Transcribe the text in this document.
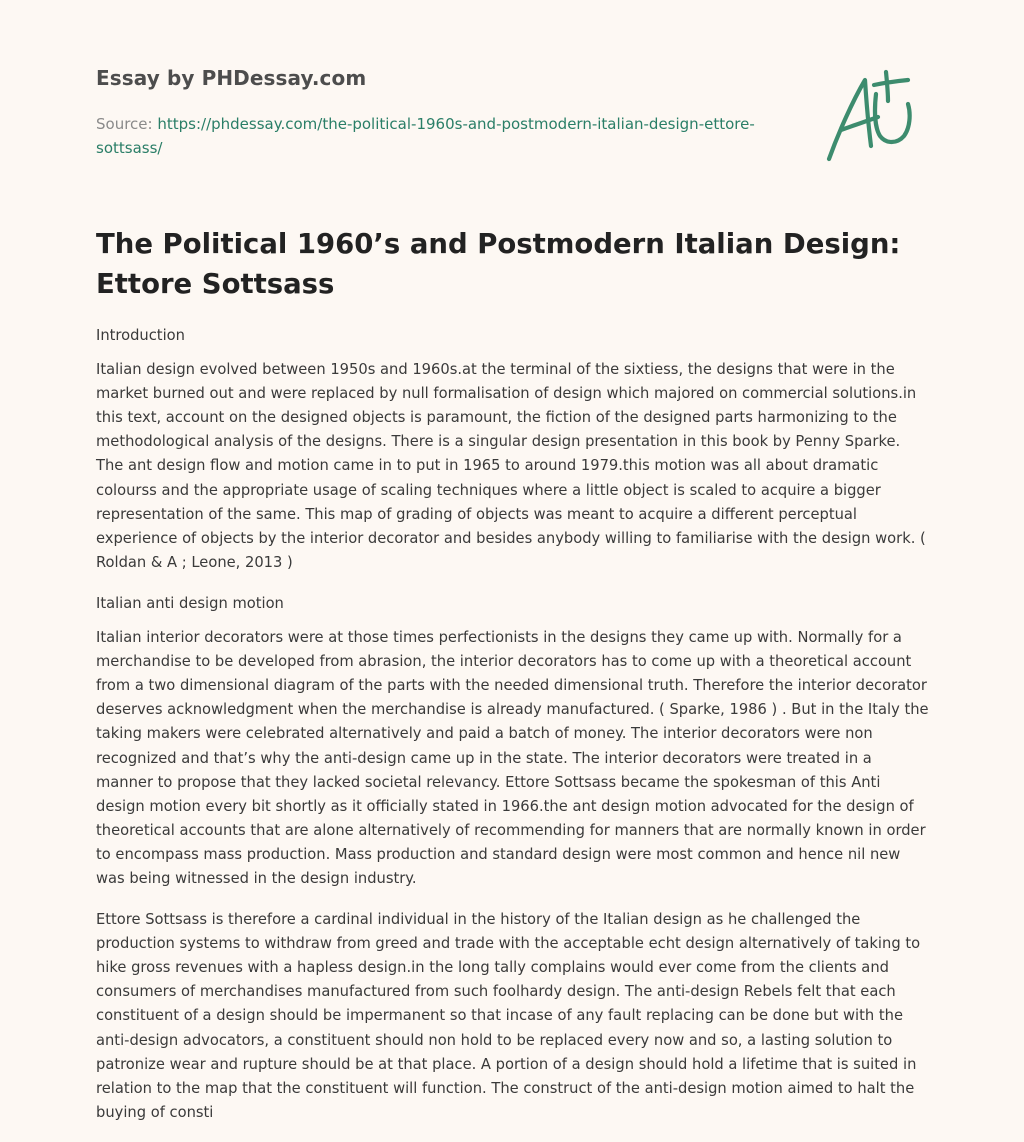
Essay by PHDessay.com
Source: https://phdessay.com/the-political-1960s-and-postmodern-italian-design-ettore-sottsass/
The Political 1960’s and Postmodern Italian Design: Ettore Sottsass

Introduction

Italian design evolved between 1950s and 1960s.at the terminal of the sixtiess, the designs that were in the market burned out and were replaced by null formalisation of design which majored on commercial solutions.in this text, account on the designed objects is paramount, the fiction of the designed parts harmonizing to the methodological analysis of the designs. There is a singular design presentation in this book by Penny Sparke. The ant design flow and motion came in to put in 1965 to around 1979.this motion was all about dramatic colourss and the appropriate usage of scaling techniques where a little object is scaled to acquire a bigger representation of the same. This map of grading of objects was meant to acquire a different perceptual experience of objects by the interior decorator and besides anybody willing to familiarise with the design work. ( Roldan & A ; Leone, 2013 )

Italian anti design motion

Italian interior decorators were at those times perfectionists in the designs they came up with. Normally for a merchandise to be developed from abrasion, the interior decorators has to come up with a theoretical account from a two dimensional diagram of the parts with the needed dimensional truth. Therefore the interior decorator deserves acknowledgment when the merchandise is already manufactured. ( Sparke, 1986 ) . But in the Italy the taking makers were celebrated alternatively and paid a batch of money. The interior decorators were non recognized and that’s why the anti-design came up in the state. The interior decorators were treated in a manner to propose that they lacked societal relevancy. Ettore Sottsass became the spokesman of this Anti design motion every bit shortly as it officially stated in 1966.the ant design motion advocated for the design of theoretical accounts that are alone alternatively of recommending for manners that are normally known in order to encompass mass production. Mass production and standard design were most common and hence nil new was being witnessed in the design industry.

Ettore Sottsass is therefore a cardinal individual in the history of the Italian design as he challenged the production systems to withdraw from greed and trade with the acceptable echt design alternatively of taking to hike gross revenues with a hapless design.in the long tally complains would ever come from the clients and consumers of merchandises manufactured from such foolhardy design. The anti-design Rebels felt that each constituent of a design should be impermanent so that incase of any fault replacing can be done but with the anti-design advocators, a constituent should non hold to be replaced every now and so, a lasting solution to patronize wear and rupture should be at that place. A portion of a design should hold a lifetime that is suited in relation to the map that the constituent will function. The construct of the anti-design motion aimed to halt the buying of consti
